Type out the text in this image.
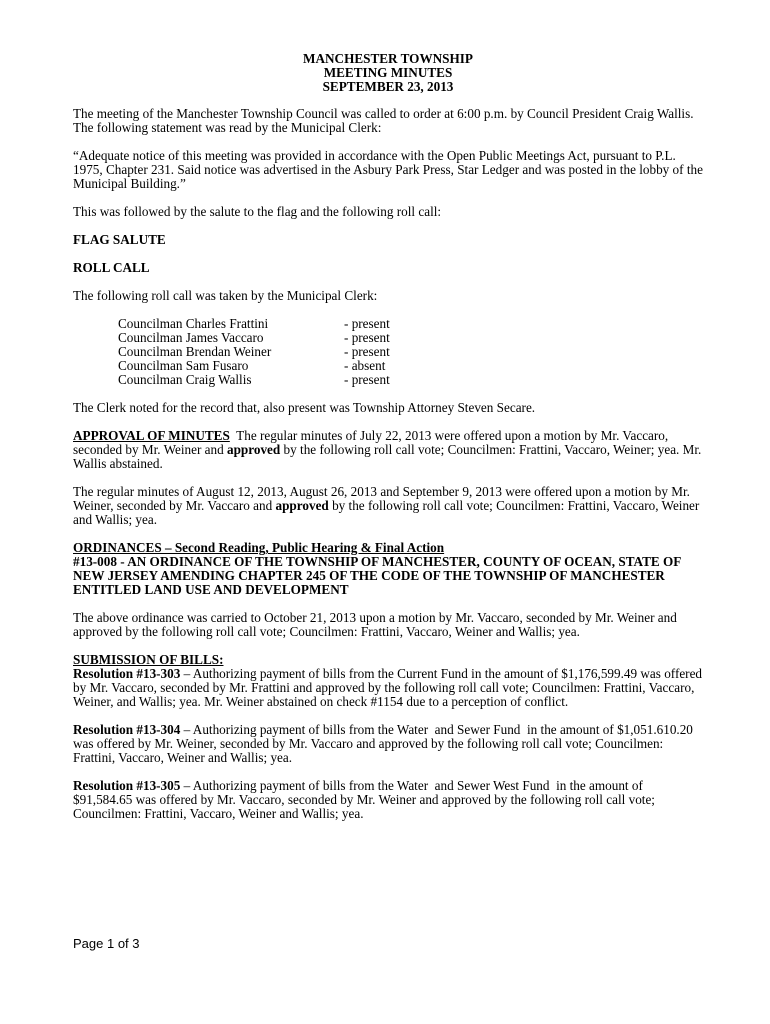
MANCHESTER TOWNSHIP
MEETING MINUTES
SEPTEMBER 23, 2013

The meeting of the Manchester Township Council was called to order at 6:00 p.m. by Council President Craig Wallis. The following statement was read by the Municipal Clerk:

“Adequate notice of this meeting was provided in accordance with the Open Public Meetings Act, pursuant to P.L. 1975, Chapter 231. Said notice was advertised in the Asbury Park Press, Star Ledger and was posted in the lobby of the Municipal Building.”

This was followed by the salute to the flag and the following roll call:

FLAG SALUTE

ROLL CALL

The following roll call was taken by the Municipal Clerk:

Councilman Charles Frattini	- present
Councilman James Vaccaro	- present
Councilman Brendan Weiner	- present
Councilman Sam Fusaro	- absent
Councilman Craig Wallis	- present

The Clerk noted for the record that, also present was Township Attorney Steven Secare.

APPROVAL OF MINUTES  The regular minutes of July 22, 2013 were offered upon a motion by Mr. Vaccaro, seconded by Mr. Weiner and approved by the following roll call vote; Councilmen: Frattini, Vaccaro, Weiner; yea. Mr. Wallis abstained.

The regular minutes of August 12, 2013, August 26, 2013 and September 9, 2013 were offered upon a motion by Mr. Weiner, seconded by Mr. Vaccaro and approved by the following roll call vote; Councilmen: Frattini, Vaccaro, Weiner and Wallis; yea.

ORDINANCES – Second Reading, Public Hearing & Final Action
#13-008 - AN ORDINANCE OF THE TOWNSHIP OF MANCHESTER, COUNTY OF OCEAN, STATE OF NEW JERSEY AMENDING CHAPTER 245 OF THE CODE OF THE TOWNSHIP OF MANCHESTER ENTITLED LAND USE AND DEVELOPMENT

The above ordinance was carried to October 21, 2013 upon a motion by Mr. Vaccaro, seconded by Mr. Weiner and approved by the following roll call vote; Councilmen: Frattini, Vaccaro, Weiner and Wallis; yea.

SUBMISSION OF BILLS:

Resolution #13-303 – Authorizing payment of bills from the Current Fund in the amount of $1,176,599.49 was offered by Mr. Vaccaro, seconded by Mr. Frattini and approved by the following roll call vote; Councilmen: Frattini, Vaccaro, Weiner, and Wallis; yea. Mr. Weiner abstained on check #1154 due to a perception of conflict.

Resolution #13-304 – Authorizing payment of bills from the Water  and Sewer Fund  in the amount of $1,051.610.20 was offered by Mr. Weiner, seconded by Mr. Vaccaro and approved by the following roll call vote; Councilmen: Frattini, Vaccaro, Weiner and Wallis; yea.

Resolution #13-305 – Authorizing payment of bills from the Water  and Sewer West Fund  in the amount of $91,584.65 was offered by Mr. Vaccaro, seconded by Mr. Weiner and approved by the following roll call vote; Councilmen: Frattini, Vaccaro, Weiner and Wallis; yea.

Page 1 of 3
